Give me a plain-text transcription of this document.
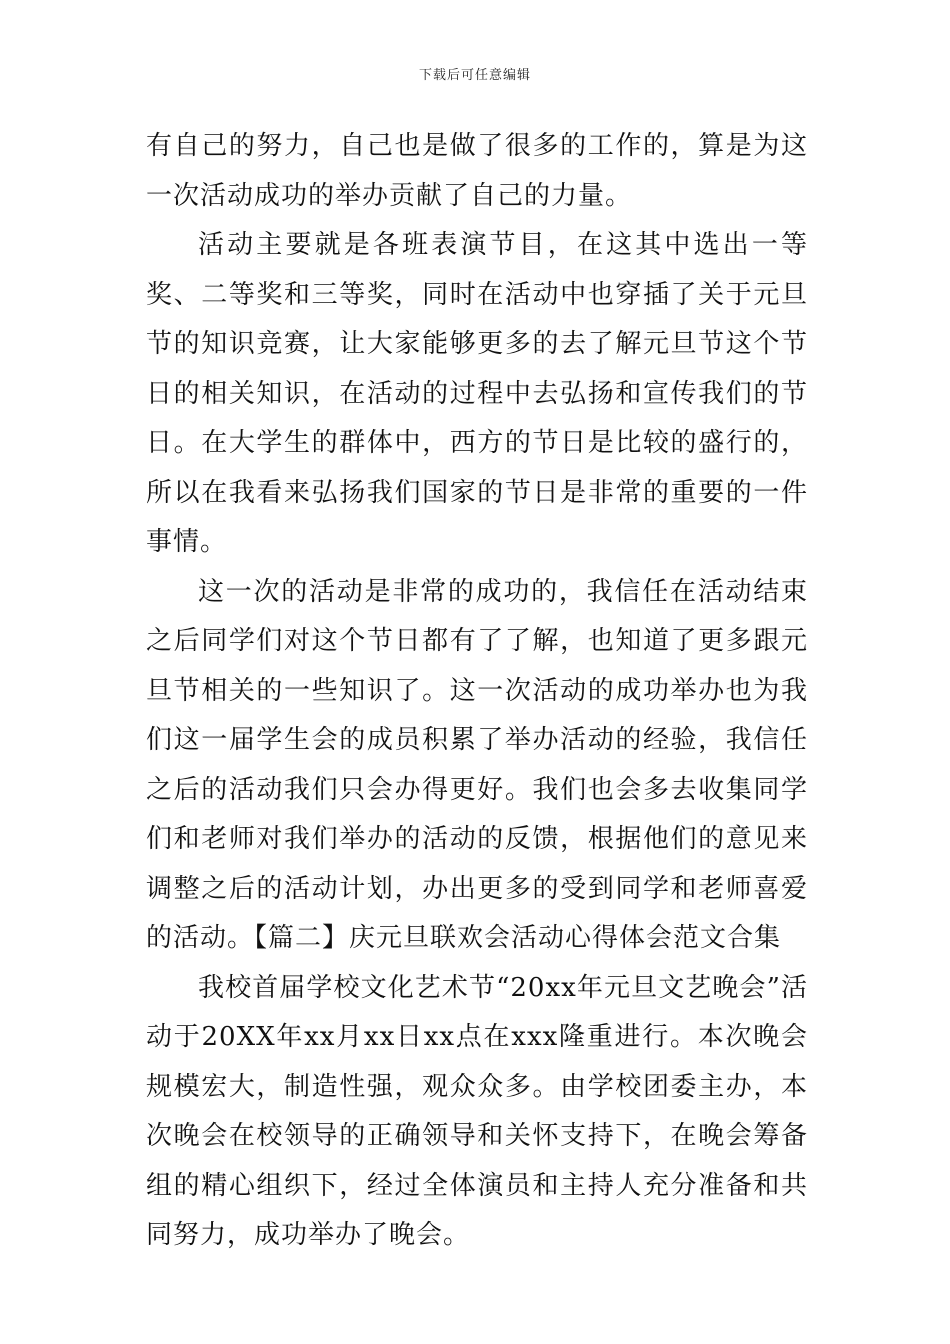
下载后可任意编辑

有自己的努力，自己也是做了很多的工作的，算是为这一次活动成功的举办贡献了自己的力量。

活动主要就是各班表演节目，在这其中选出一等奖、二等奖和三等奖，同时在活动中也穿插了关于元旦节的知识竞赛，让大家能够更多的去了解元旦节这个节日的相关知识，在活动的过程中去弘扬和宣传我们的节日。在大学生的群体中，西方的节日是比较的盛行的，所以在我看来弘扬我们国家的节日是非常的重要的一件事情。

这一次的活动是非常的成功的，我信任在活动结束之后同学们对这个节日都有了了解，也知道了更多跟元旦节相关的一些知识了。这一次活动的成功举办也为我们这一届学生会的成员积累了举办活动的经验，我信任之后的活动我们只会办得更好。我们也会多去收集同学们和老师对我们举办的活动的反馈，根据他们的意见来调整之后的活动计划，办出更多的受到同学和老师喜爱的活动。【篇二】庆元旦联欢会活动心得体会范文合集

我校首届学校文化艺术节“20xx年元旦文艺晚会”活动于20XX年xx月xx日xx点在xxx隆重进行。本次晚会规模宏大，制造性强，观众众多。由学校团委主办，本次晚会在校领导的正确领导和关怀支持下，在晚会筹备组的精心组织下，经过全体演员和主持人充分准备和共同努力，成功举办了晚会。
